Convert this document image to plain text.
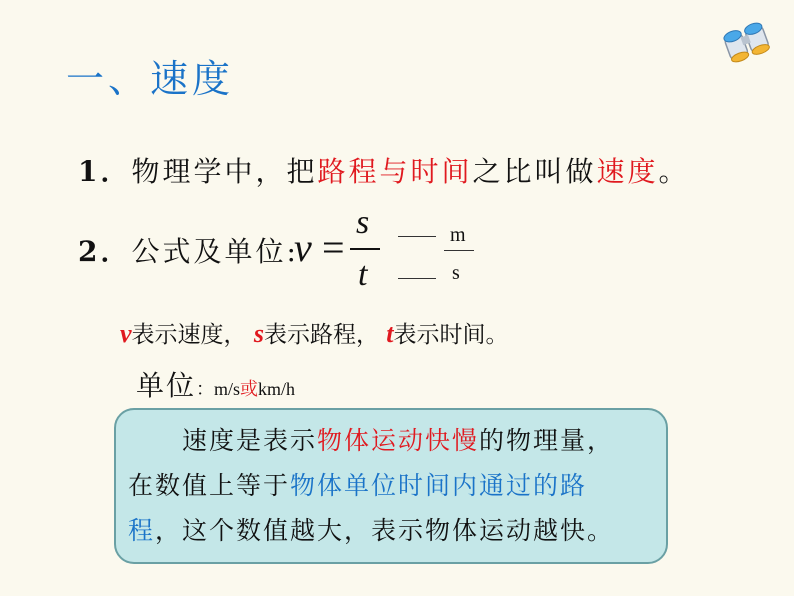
一、速度
1．物理学中，把路程与时间之比叫做速度。
2．公式及单位:
v =
s
t
m
s
v表示速度， s表示路程， t表示时间。
单位：m/s或km/h

　　速度是表示物体运动快慢的物理量，

在数值上等于物体单位时间内通过的路

程，这个数值越大，表示物体运动越快。
